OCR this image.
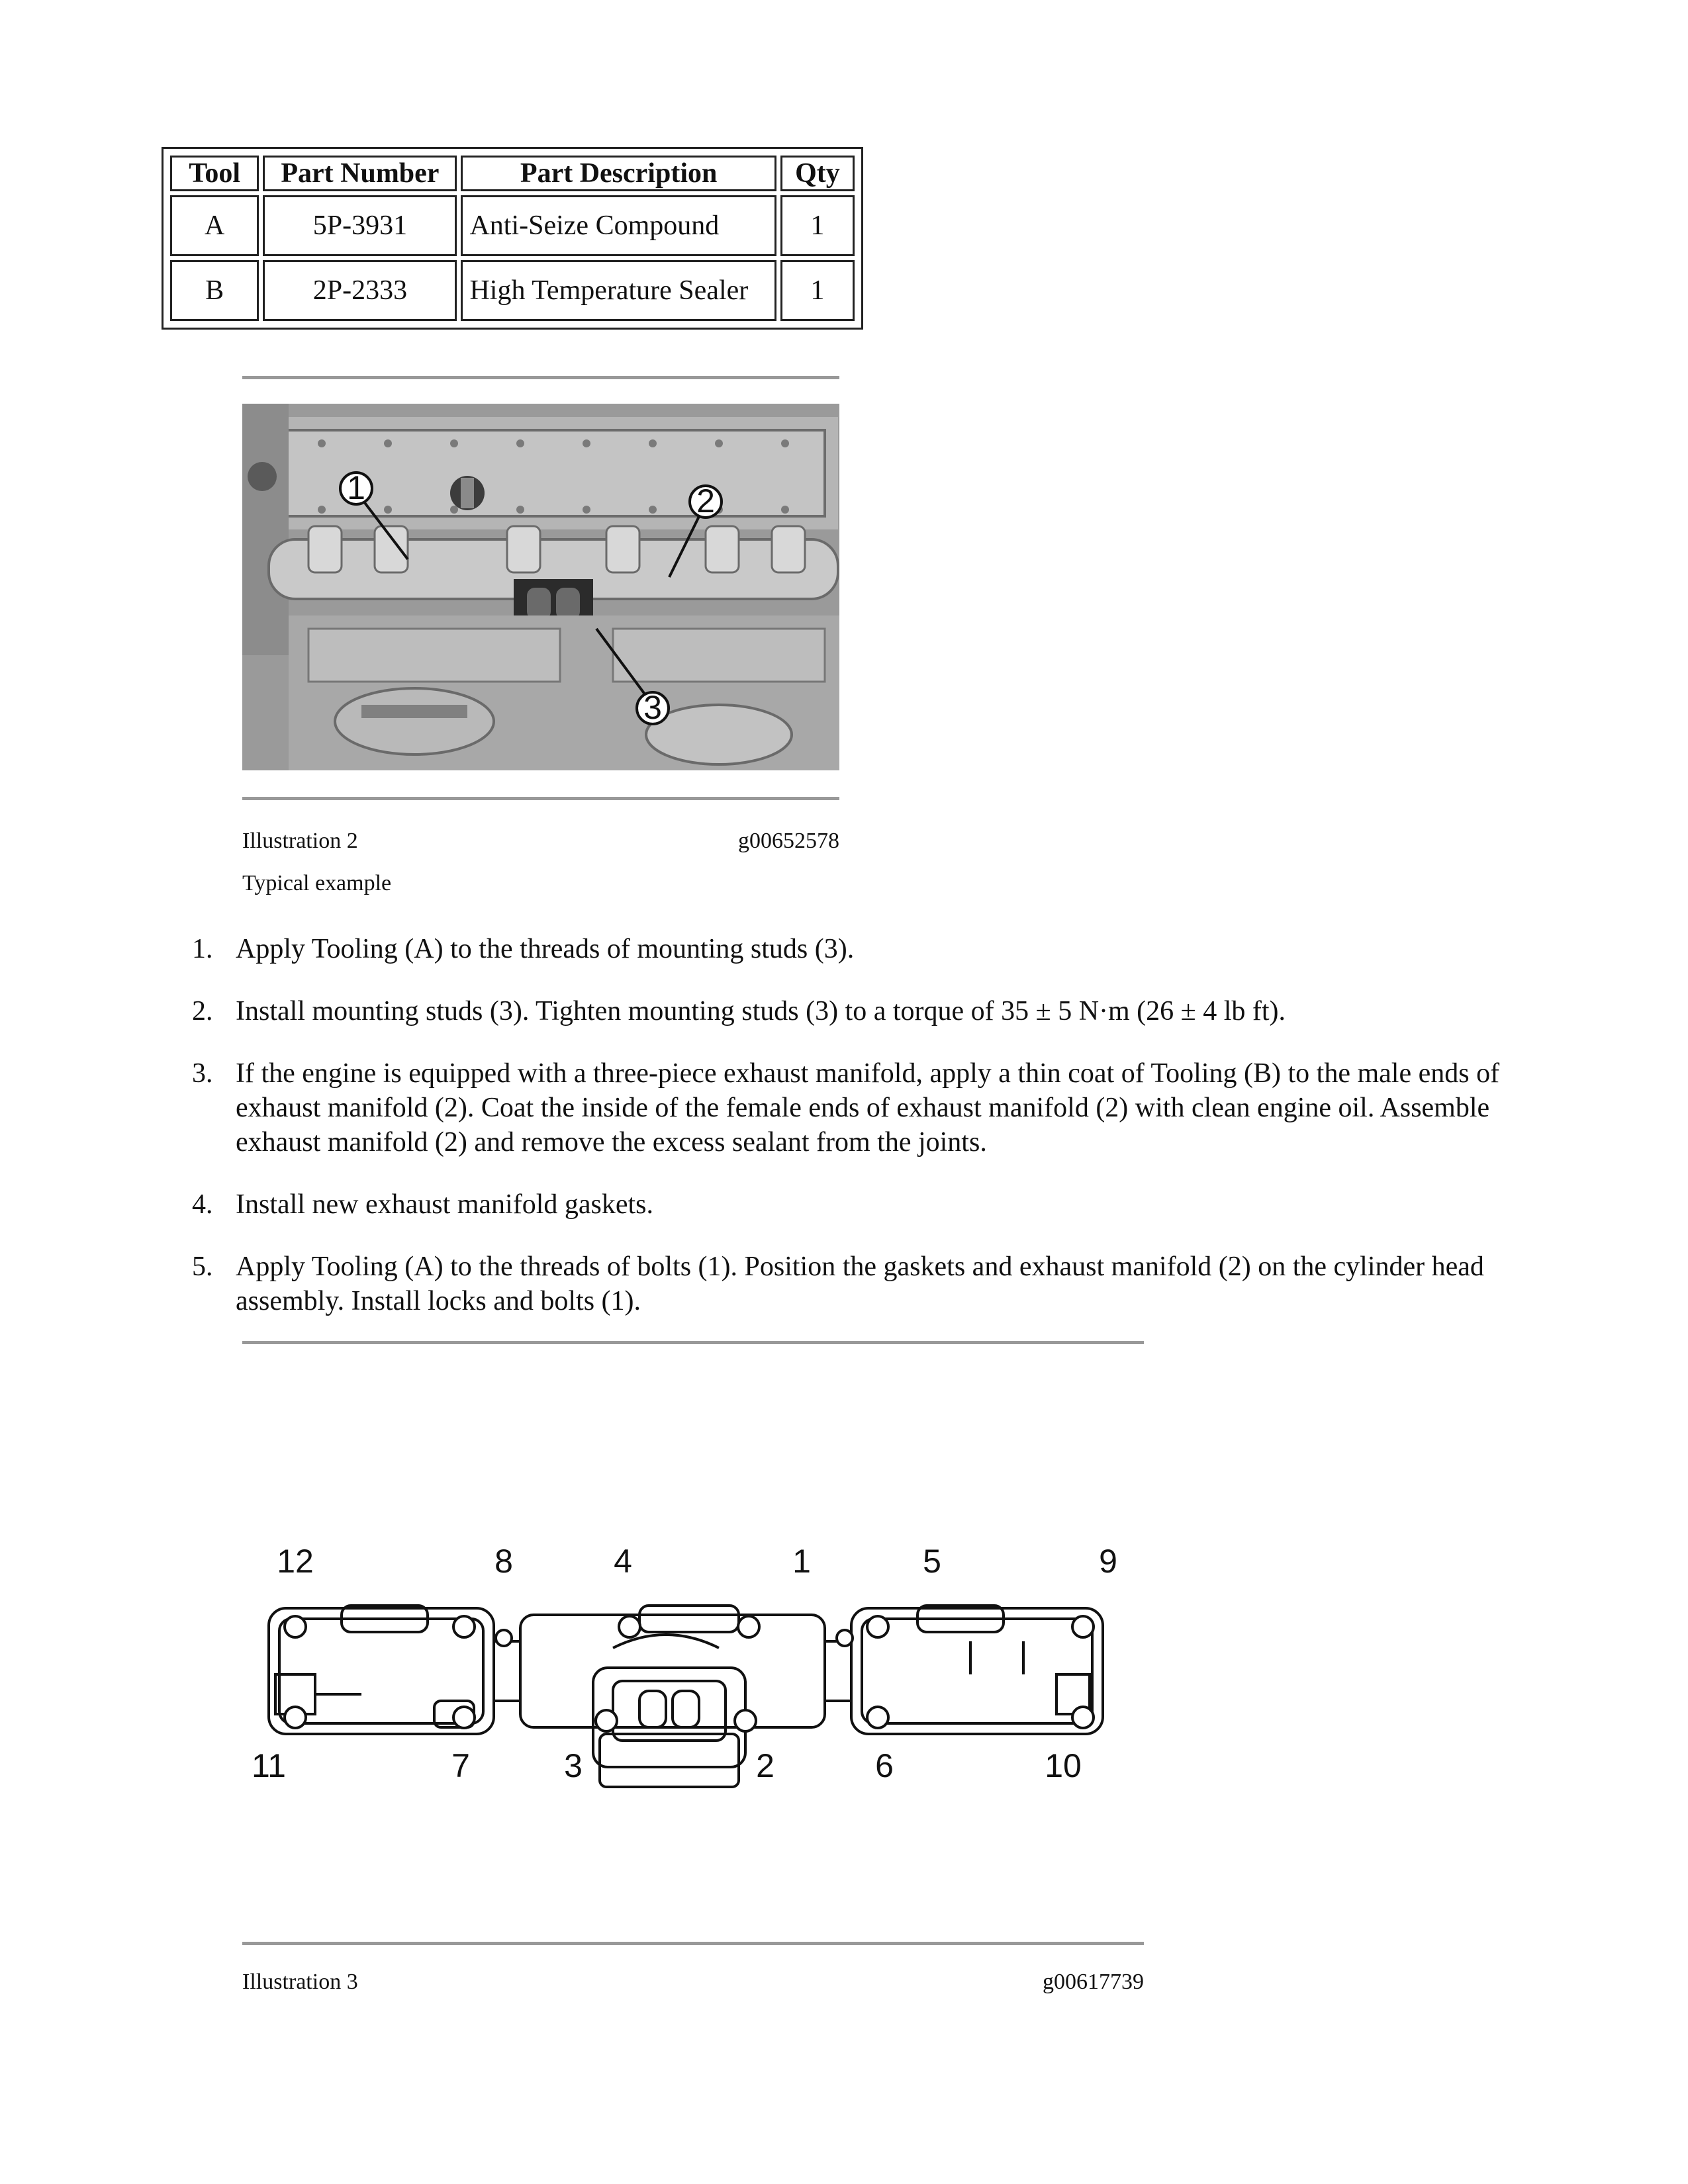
Tool	Part Number	Part Description	Qty
A	5P-3931	Anti-Seize Compound	1
B	2P-2333	High Temperature Sealer	1
1	2
3
Illustration 2	g00652578
Typical example
1. Apply Tooling (A) to the threads of mounting studs (3).
2. Install mounting studs (3). Tighten mounting studs (3) to a torque of 35 ± 5 N·m (26 ± 4 lb ft).
3. If the engine is equipped with a three-piece exhaust manifold, apply a thin coat of Tooling (B) to the male ends of exhaust manifold (2). Coat the inside of the female ends of exhaust manifold (2) with clean engine oil. Assemble exhaust manifold (2) and remove the excess sealant from the joints.
4. Install new exhaust manifold gaskets.
5. Apply Tooling (A) to the threads of bolts (1). Position the gaskets and exhaust manifold (2) on the cylinder head assembly. Install locks and bolts (1).
12	8	4	1	5	9
11	7	3	2	6	10
Illustration 3	g00617739
